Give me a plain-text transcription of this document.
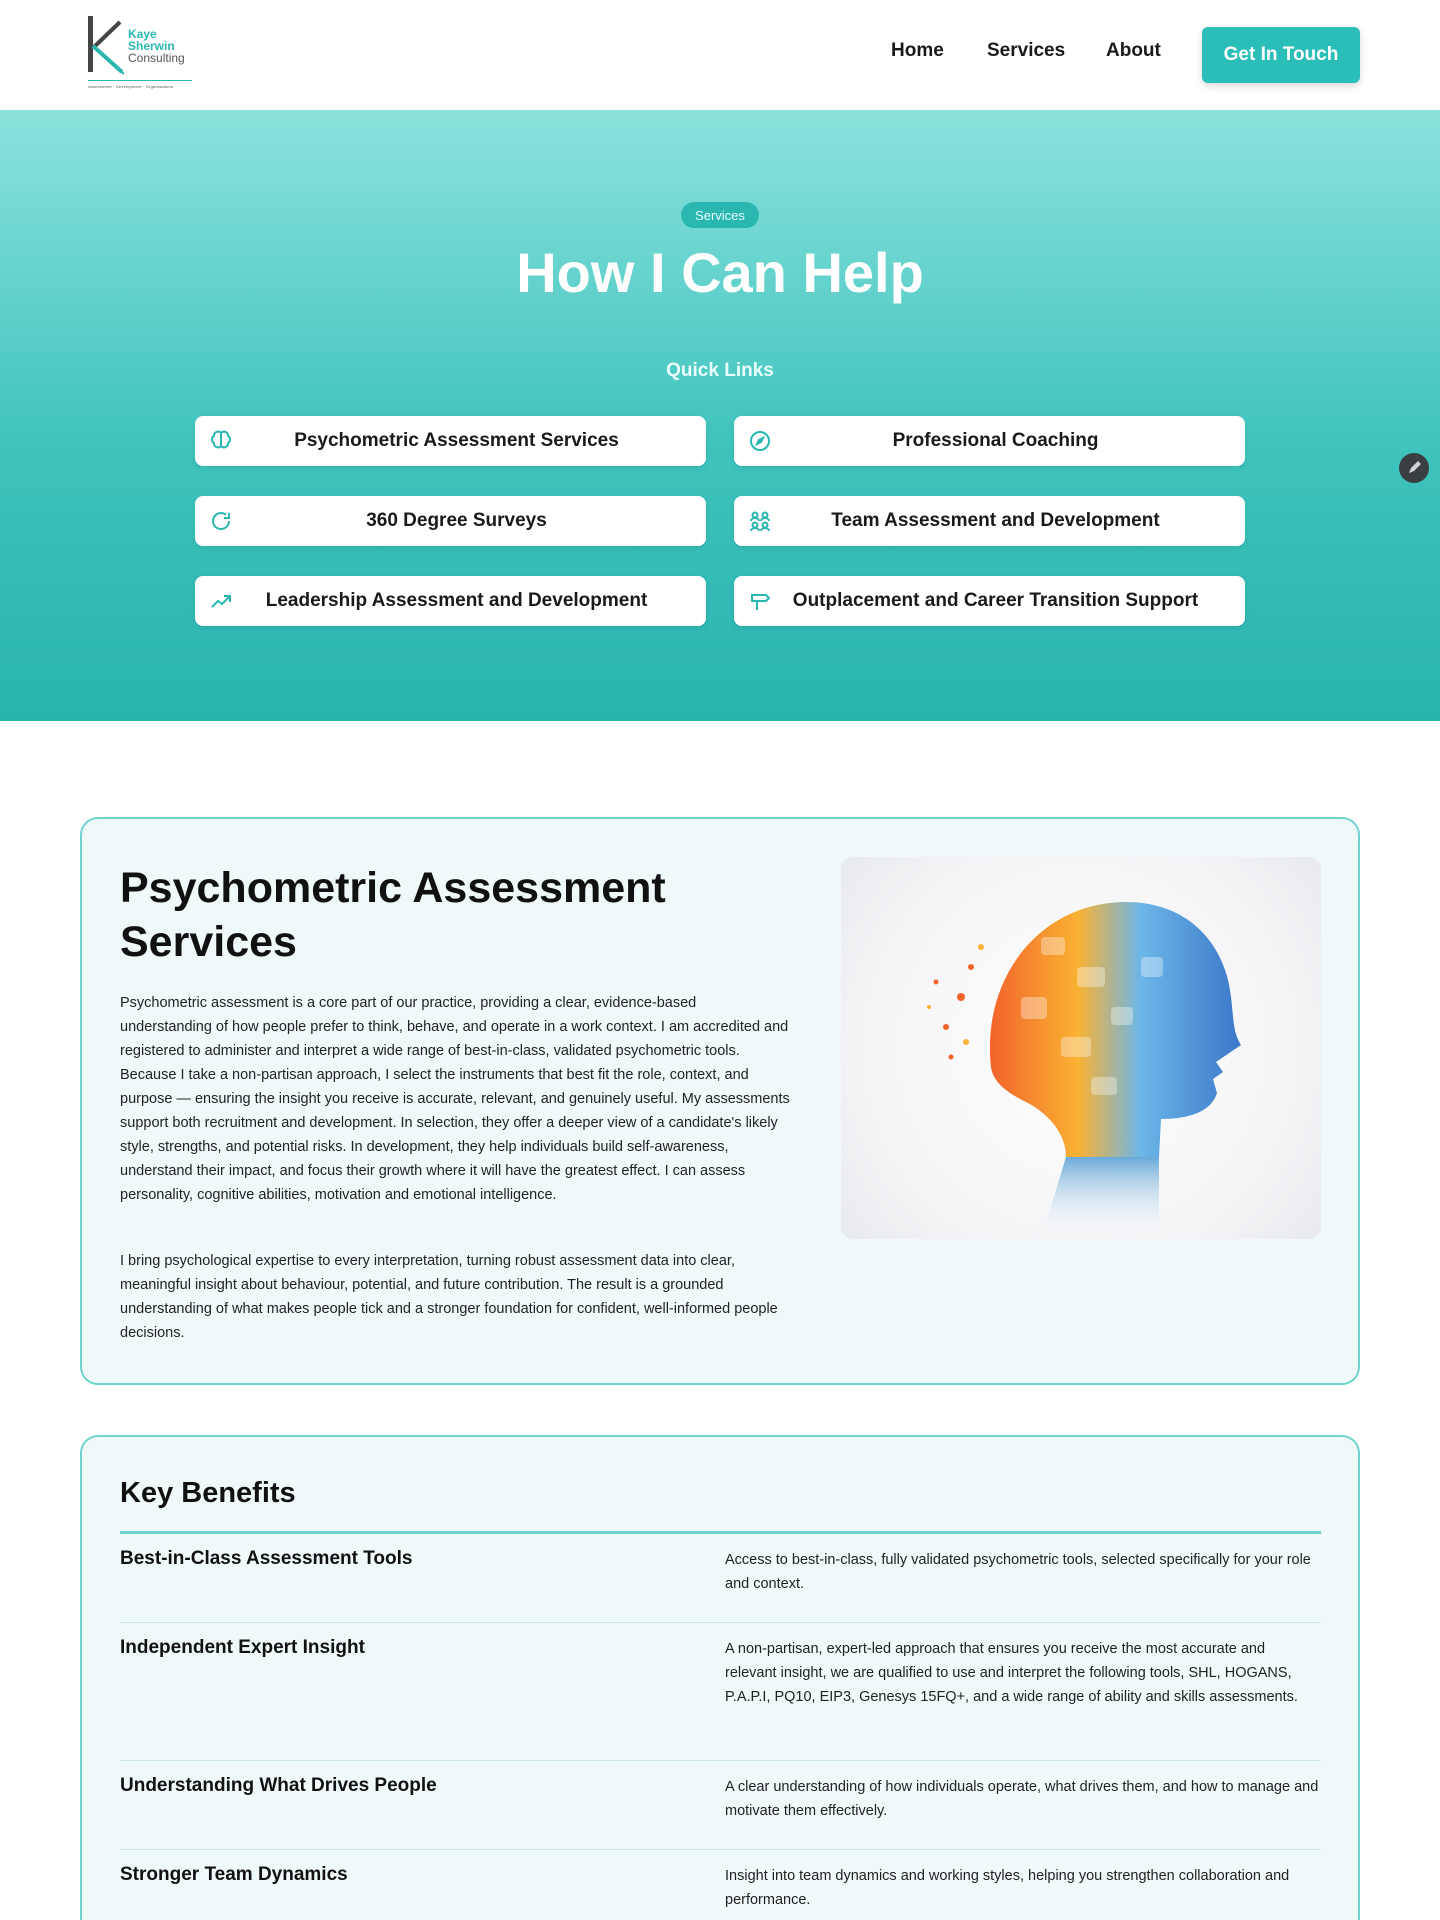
Kaye
Sherwin
Consulting
Assessment · Development · Organisations
Home Services About	Get In Touch
Services
How I Can Help
Quick Links
Psychometric Assessment Services	Professional Coaching
360 Degree Surveys	Team Assessment and Development
Leadership Assessment and Development	Outplacement and Career Transition Support
Psychometric Assessment Services

Psychometric assessment is a core part of our practice, providing a clear, evidence-based understanding of how people prefer to think, behave, and operate in a work context. I am accredited and registered to administer and interpret a wide range of best-in-class, validated psychometric tools. Because I take a non-partisan approach, I select the instruments that best fit the role, context, and purpose — ensuring the insight you receive is accurate, relevant, and genuinely useful. My assessments support both recruitment and development. In selection, they offer a deeper view of a candidate's likely style, strengths, and potential risks. In development, they help individuals build self-awareness, understand their impact, and focus their growth where it will have the greatest effect. I can assess personality, cognitive abilities, motivation and emotional intelligence.

I bring psychological expertise to every interpretation, turning robust assessment data into clear, meaningful insight about behaviour, potential, and future contribution. The result is a grounded understanding of what makes people tick and a stronger foundation for confident, well-informed people decisions.

Key Benefits
Best-in-Class Assessment Tools	Access to best-in-class, fully validated psychometric tools, selected specifically for your role and context.
Independent Expert Insight	A non-partisan, expert-led approach that ensures you receive the most accurate and relevant insight, we are qualified to use and interpret the following tools, SHL, HOGANS, P.A.P.I, PQ10, EIP3, Genesys 15FQ+, and a wide range of ability and skills assessments.
Understanding What Drives People	A clear understanding of how individuals operate, what drives them, and how to manage and motivate them effectively.
Stronger Team Dynamics	Insight into team dynamics and working styles, helping you strengthen collaboration and performance.
